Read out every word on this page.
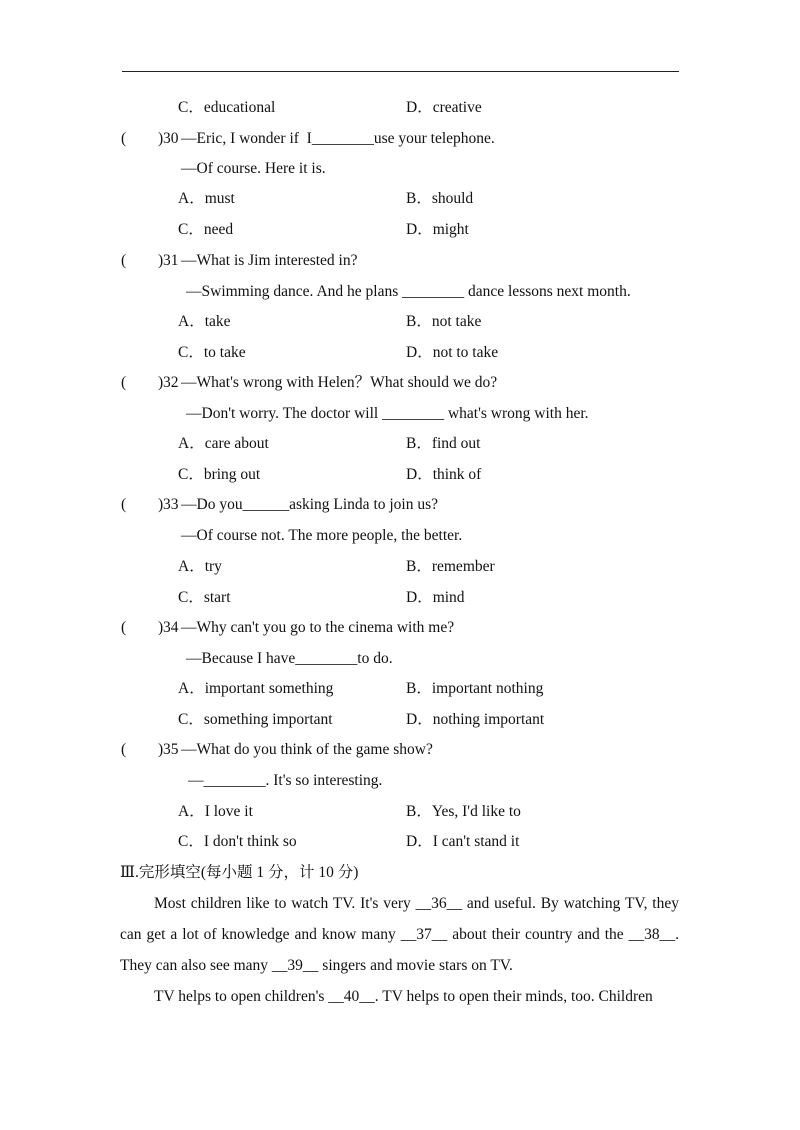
C．educational	D．creative
( ) 30 —Eric, I wonder if  I________use your telephone.
—Of course. Here it is.
A．must	B．should
C．need	D．might
( ) 31 —What is Jim interested in?
—Swimming dance. And he plans ________ dance lessons next month.
A．take	B．not take
C．to take	D．not to take
( ) 32 —What's wrong with Helen？What should we do?
—Don't worry. The doctor will ________ what's wrong with her.
A．care about	B．find out
C．bring out	D．think of
( ) 33 —Do you______asking Linda to join us?
—Of course not. The more people, the better.
A．try	B．remember
C．start	D．mind
( ) 34 —Why can't you go to the cinema with me?
—Because I have________to do.
A．important something	B．important nothing
C．something important	D．nothing important
( ) 35 —What do you think of the game show?
—________. It's so interesting.
A．I love it	B．Yes, I'd like to
C．I don't think so	D．I can't stand it
Ⅲ.完形填空(每小题 1 分，计 10 分)
Most children like to watch TV. It's very __36__ and useful. By watching TV, they can get a lot of knowledge and know many __37__ about their country and the __38__. They can also see many __39__ singers and movie stars on TV.
TV helps to open children's __40__. TV helps to open their minds, too. Children
